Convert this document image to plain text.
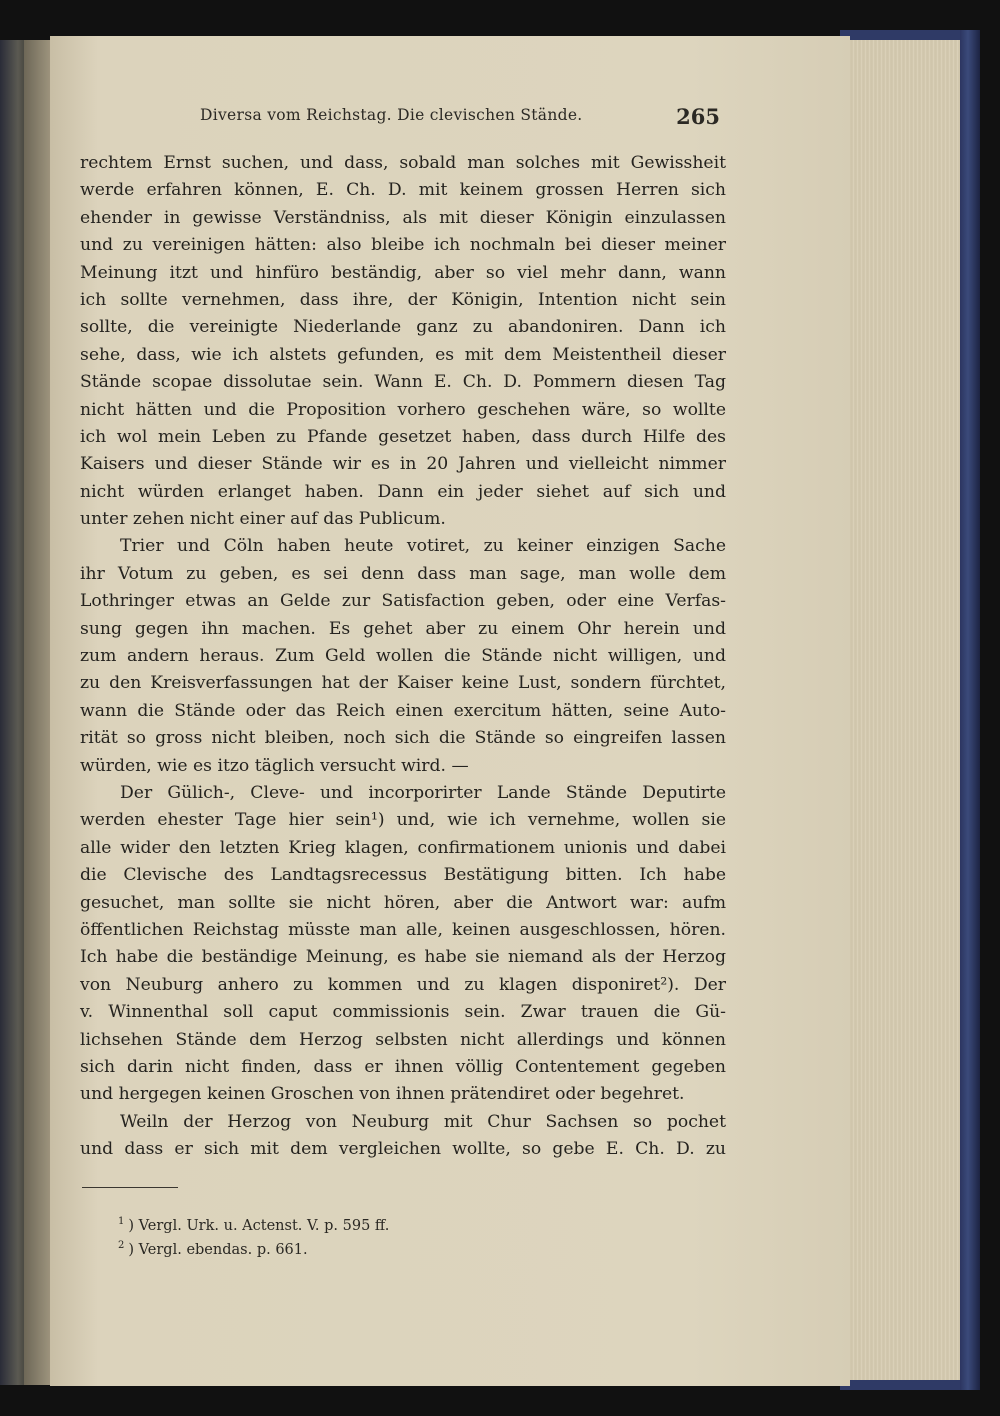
Diversa vom Reichstag. Die clevischen Stände.	265
rechtem Ernst suchen, und dass, sobald man solches mit Gewissheit
werde erfahren können, E. Ch. D. mit keinem grossen Herren sich
ehender in gewisse Verständniss, als mit dieser Königin einzulassen
und zu vereinigen hätten: also bleibe ich nochmaln bei dieser meiner
Meinung itzt und hinfüro beständig, aber so viel mehr dann, wann
ich sollte vernehmen, dass ihre, der Königin, Intention nicht sein
sollte, die vereinigte Niederlande ganz zu abandoniren. Dann ich
sehe, dass, wie ich alstets gefunden, es mit dem Meistentheil dieser
Stände scopae dissolutae sein. Wann E. Ch. D. Pommern diesen Tag
nicht hätten und die Proposition vorhero geschehen wäre, so wollte
ich wol mein Leben zu Pfande gesetzet haben, dass durch Hilfe des
Kaisers und dieser Stände wir es in 20 Jahren und vielleicht nimmer
nicht würden erlanget haben. Dann ein jeder siehet auf sich und
unter zehen nicht einer auf das Publicum.
Trier und Cöln haben heute votiret, zu keiner einzigen Sache
ihr Votum zu geben, es sei denn dass man sage, man wolle dem
Lothringer etwas an Gelde zur Satisfaction geben, oder eine Verfas-
sung gegen ihn machen. Es gehet aber zu einem Ohr herein und
zum andern heraus. Zum Geld wollen die Stände nicht willigen, und
zu den Kreisverfassungen hat der Kaiser keine Lust, sondern fürchtet,
wann die Stände oder das Reich einen exercitum hätten, seine Auto-
rität so gross nicht bleiben, noch sich die Stände so eingreifen lassen
würden, wie es itzo täglich versucht wird. —
Der Gülich-, Cleve- und incorporirter Lande Stände Deputirte
werden ehester Tage hier sein¹) und, wie ich vernehme, wollen sie
alle wider den letzten Krieg klagen, confirmationem unionis und dabei
die Clevische des Landtagsrecessus Bestätigung bitten. Ich habe
gesuchet, man sollte sie nicht hören, aber die Antwort war: aufm
öffentlichen Reichstag müsste man alle, keinen ausgeschlossen, hören.
Ich habe die beständige Meinung, es habe sie niemand als der Herzog
von Neuburg anhero zu kommen und zu klagen disponiret²). Der
v. Winnenthal soll caput commissionis sein. Zwar trauen die Gü-
lichsehen Stände dem Herzog selbsten nicht allerdings und können
sich darin nicht finden, dass er ihnen völlig Contentement gegeben
und hergegen keinen Groschen von ihnen prätendiret oder begehret.
Weiln der Herzog von Neuburg mit Chur Sachsen so pochet
und dass er sich mit dem vergleichen wollte, so gebe E. Ch. D. zu
$^1$ ) Vergl. Urk. u. Actenst. V. p. 595 ff.
$^2$ ) Vergl. ebendas. p. 661.
